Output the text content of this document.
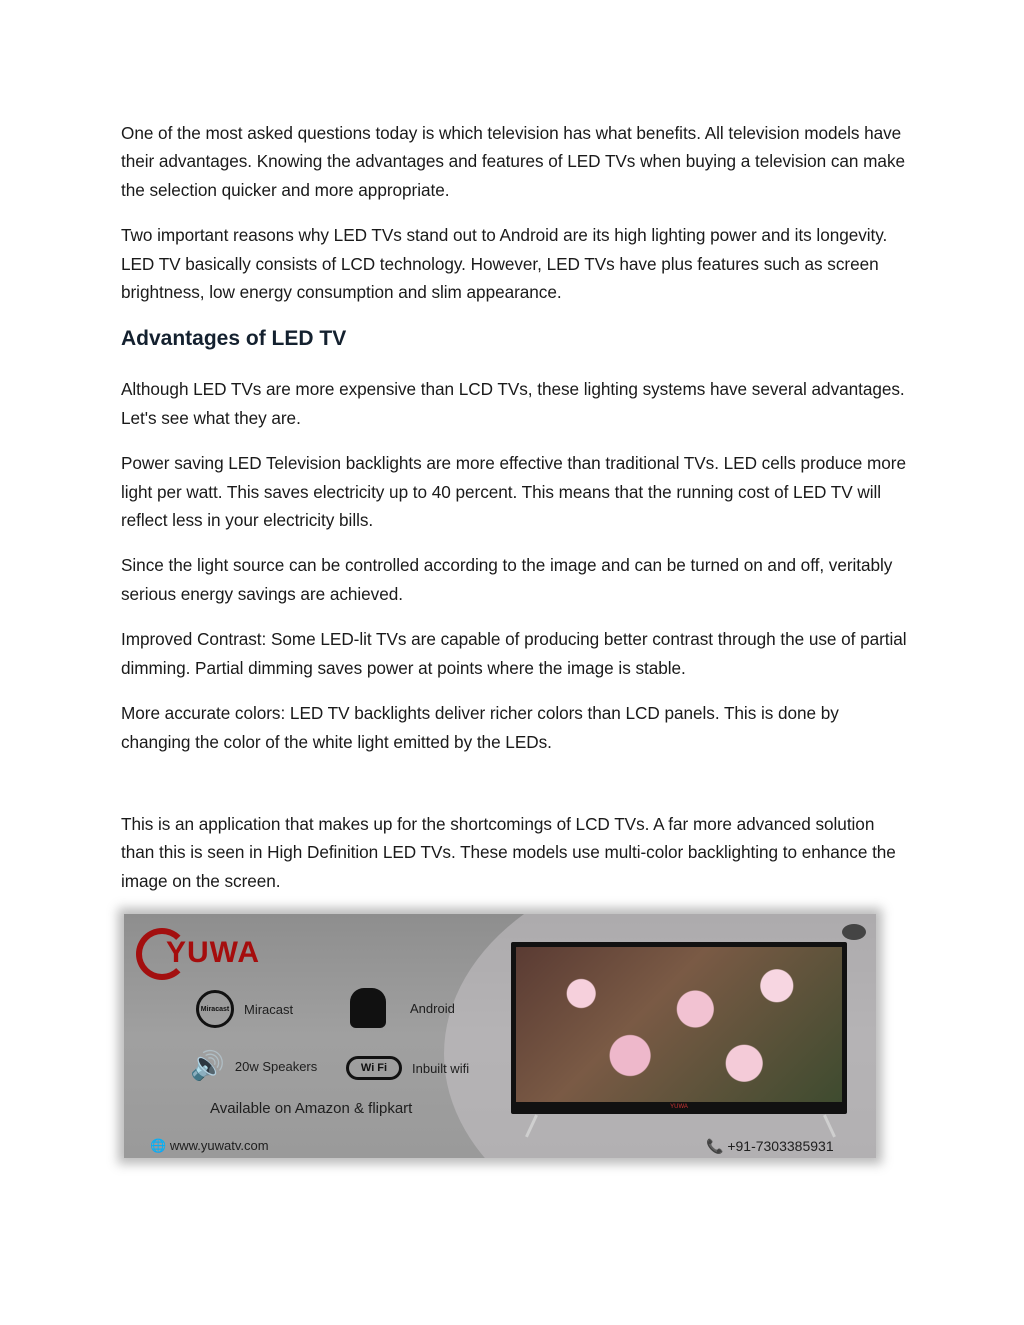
One of the most asked questions today is which television has what benefits. All television models have their advantages. Knowing the advantages and features of LED TVs when buying a television can make the selection quicker and more appropriate.

Two important reasons why LED TVs stand out to Android are its high lighting power and its longevity. LED TV basically consists of LCD technology. However, LED TVs have plus features such as screen brightness, low energy consumption and slim appearance.

Advantages of LED TV

Although LED TVs are more expensive than LCD TVs, these lighting systems have several advantages. Let's see what they are.

Power saving LED Television backlights are more effective than traditional TVs. LED cells produce more light per watt. This saves electricity up to 40 percent. This means that the running cost of LED TV will reflect less in your electricity bills.

Since the light source can be controlled according to the image and can be turned on and off, veritably serious energy savings are achieved.

Improved Contrast: Some LED-lit TVs are capable of producing better contrast through the use of partial dimming. Partial dimming saves power at points where the image is stable.

More accurate colors: LED TV backlights deliver richer colors than LCD panels. This is done by changing the color of the white light emitted by the LEDs.

This is an application that makes up for the shortcomings of LCD TVs. A far more advanced solution than this is seen in High Definition LED TVs. These models use multi-color backlighting to enhance the image on the screen.

YUWA
Miracast	Miracast	Android
🔊 20w Speakers	Wi Fi	Inbuilt wifi
Available on Amazon & flipkart
🌐 www.yuwatv.com	📞 +91-7303385931
YUWA
